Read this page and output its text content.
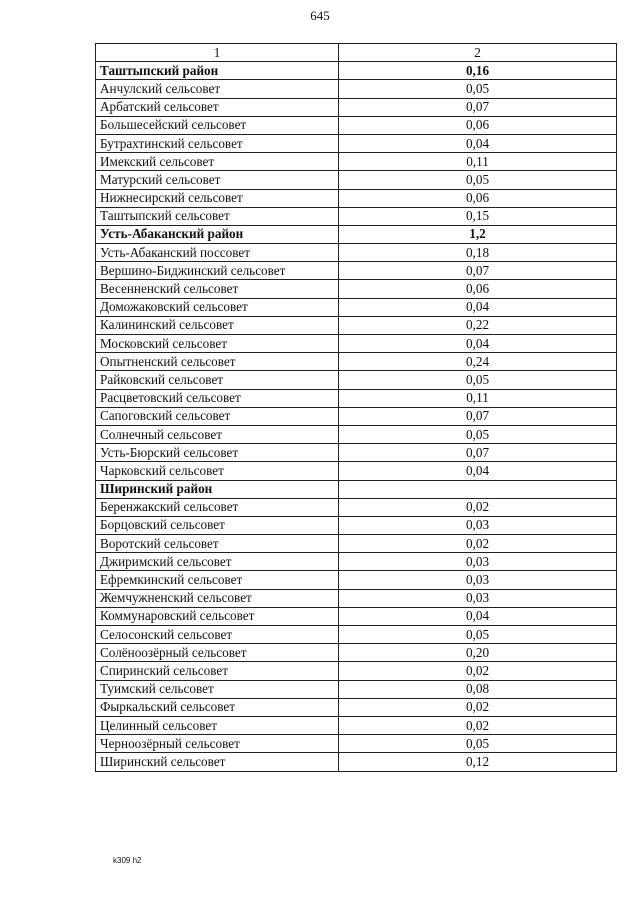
645
1	2
Таштыпский район	0,16
Анчулский сельсовет	0,05
Арбатский сельсовет	0,07
Большесейский сельсовет	0,06
Бутрахтинский сельсовет	0,04
Имекский сельсовет	0,11
Матурский сельсовет	0,05
Нижнесирский сельсовет	0,06
Таштыпский сельсовет	0,15
Усть-Абаканский район	1,2
Усть-Абаканский поссовет	0,18
Вершино-Биджинский сельсовет	0,07
Весенненский сельсовет	0,06
Доможаковский сельсовет	0,04
Калининский сельсовет	0,22
Московский сельсовет	0,04
Опытненский сельсовет	0,24
Райковский сельсовет	0,05
Расцветовский сельсовет	0,11
Сапоговский сельсовет	0,07
Солнечный сельсовет	0,05
Усть-Бюрский сельсовет	0,07
Чарковский сельсовет	0,04
Ширинский район	
Беренжакский сельсовет	0,02
Борцовский сельсовет	0,03
Воротский сельсовет	0,02
Джиримский сельсовет	0,03
Ефремкинский сельсовет	0,03
Жемчужненский сельсовет	0,03
Коммунаровский сельсовет	0,04
Селосонский сельсовет	0,05
Солёноозёрный сельсовет	0,20
Спиринский сельсовет	0,02
Туимский сельсовет	0,08
Фыркальский сельсовет	0,02
Целинный сельсовет	0,02
Черноозёрный сельсовет	0,05
Ширинский сельсовет	0,12
k309 h2
